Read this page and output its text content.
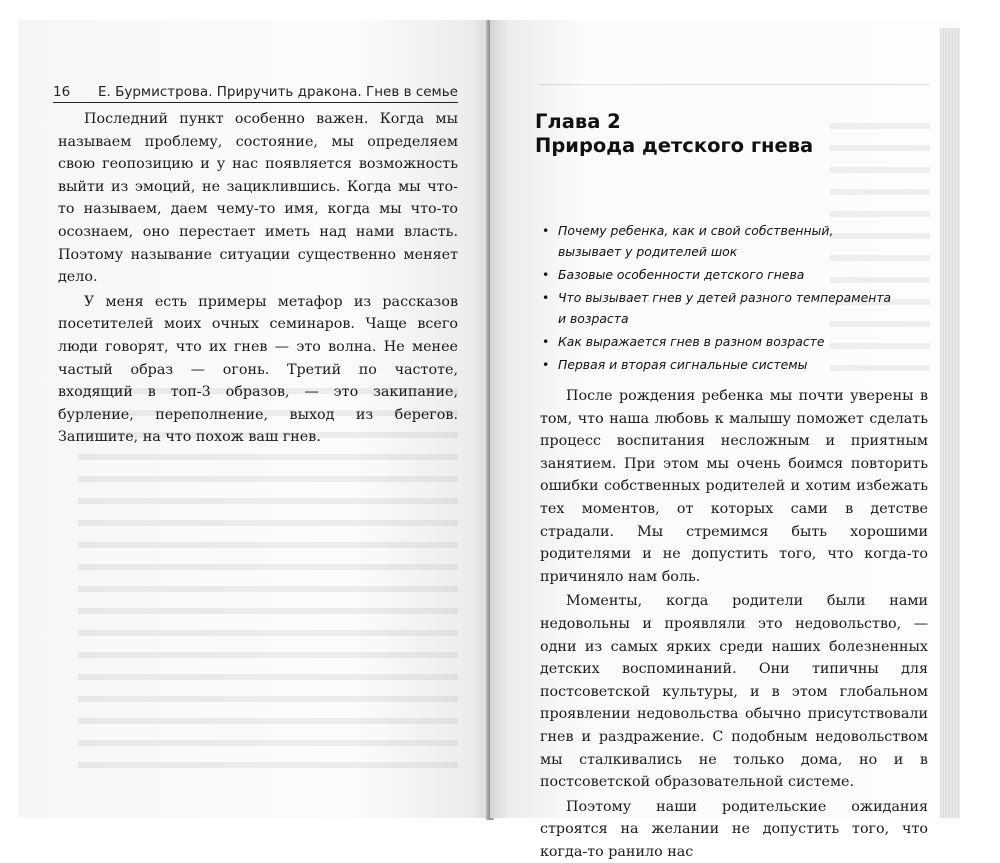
16 Е. Бурмистрова. Приручить дракона. Гнев в семье

Последний пункт особенно важен. Когда мы называем проблему, состояние, мы определяем свою геопозицию и у нас появляется возможность выйти из эмоций, не зациклившись. Когда мы что-то называем, даем чему-то имя, когда мы что-то осознаем, оно перестает иметь над нами власть. Поэтому называние ситуации существенно меняет дело.

У меня есть примеры метафор из рассказов посетителей моих очных семинаров. Чаще всего люди говорят, что их гнев — это волна. Не менее частый образ — огонь. Третий по частоте, входящий в топ-3 образов, — это закипание, бурление, переполнение, выход из берегов. Запишите, на что похож ваш гнев.

Глава 2
Природа детского гнева
• Почему ребенка, как и свой собственный, вызывает у родителей шок
• Базовые особенности детского гнева
• Что вызывает гнев у детей разного темперамента и возраста
• Как выражается гнев в разном возрасте
• Первая и вторая сигнальные системы

После рождения ребенка мы почти уверены в том, что наша любовь к малышу поможет сделать процесс воспитания несложным и приятным занятием. При этом мы очень боимся повторить ошибки собственных родителей и хотим избежать тех моментов, от которых сами в детстве страдали. Мы стремимся быть хорошими родителями и не допустить того, что когда-то причиняло нам боль.

Моменты, когда родители были нами недовольны и проявляли это недовольство, — одни из самых ярких среди наших болезненных детских воспоминаний. Они типичны для постсоветской культуры, и в этом глобальном проявлении недовольства обычно присутствовали гнев и раздражение. С подобным недовольством мы сталкивались не только дома, но и в постсоветской образовательной системе.

Поэтому наши родительские ожидания строятся на желании не допустить того, что когда-то ранило нас
